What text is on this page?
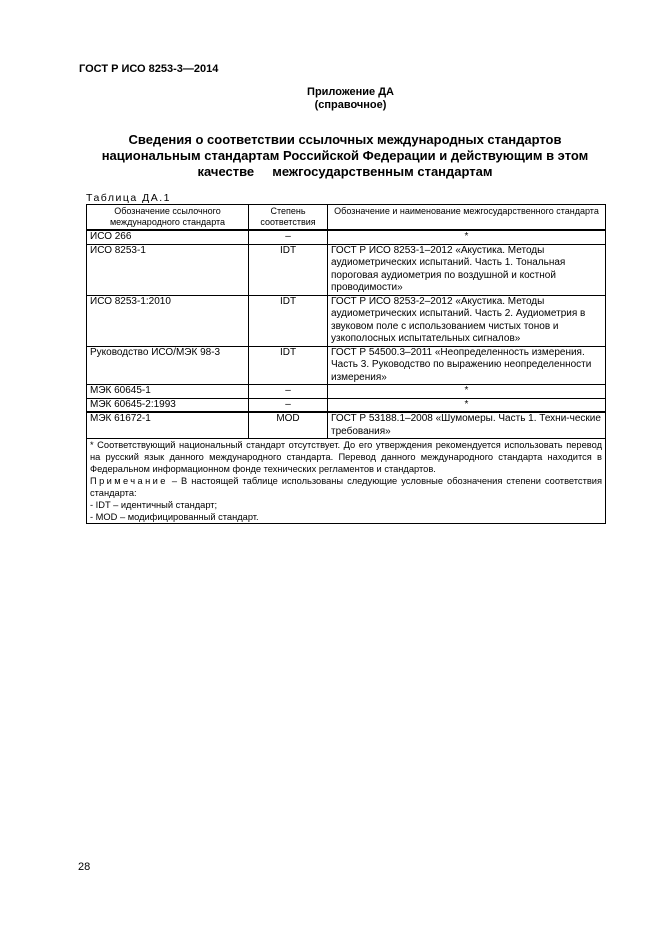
ГОСТ Р ИСО 8253-3—2014
Приложение ДА
(справочное)
Сведения о соответствии ссылочных международных стандартов
национальным стандартам Российской Федерации и действующим в этом
качестве     межгосударственным стандартам
Таблица ДА.1
Обозначение ссылочного международного стандарта	Степень соответствия	Обозначение и наименование межгосударственного стандарта
ИСО 266	–	*
ИСО 8253-1	IDT	ГОСТ Р ИСО 8253-1–2012 «Акустика. Методы аудиометрических испытаний. Часть 1. Тональная пороговая аудиометрия по воздушной и костной проводимости»
ИСО 8253-1:2010	IDT	ГОСТ Р ИСО 8253-2–2012 «Акустика. Методы аудиометрических испытаний. Часть 2. Аудиометрия в звуковом поле с использованием чистых тонов и узкополосных испытательных сигналов»
Руководство ИСО/МЭК 98-3	IDT	ГОСТ Р 54500.3–2011 «Неопределенность измерения. Часть 3. Руководство по выражению неопределенности измерения»
МЭК 60645-1	–	*
МЭК 60645-2:1993	–	*
МЭК 61672-1	MOD	ГОСТ Р 53188.1–2008 «Шумомеры. Часть 1. Техни-ческие требования»

* Соответствующий национальный стандарт отсутствует. До его утверждения рекомендуется использовать перевод на русский язык данного международного стандарта. Перевод данного международного стандарта находится в Федеральном информационном фонде технических регламентов и стандартов.
Примечание – В настоящей таблице использованы следующие условные обозначения степени соответствия стандарта:
- IDT – идентичный стандарт;
- MOD – модифицированный стандарт.		
28
